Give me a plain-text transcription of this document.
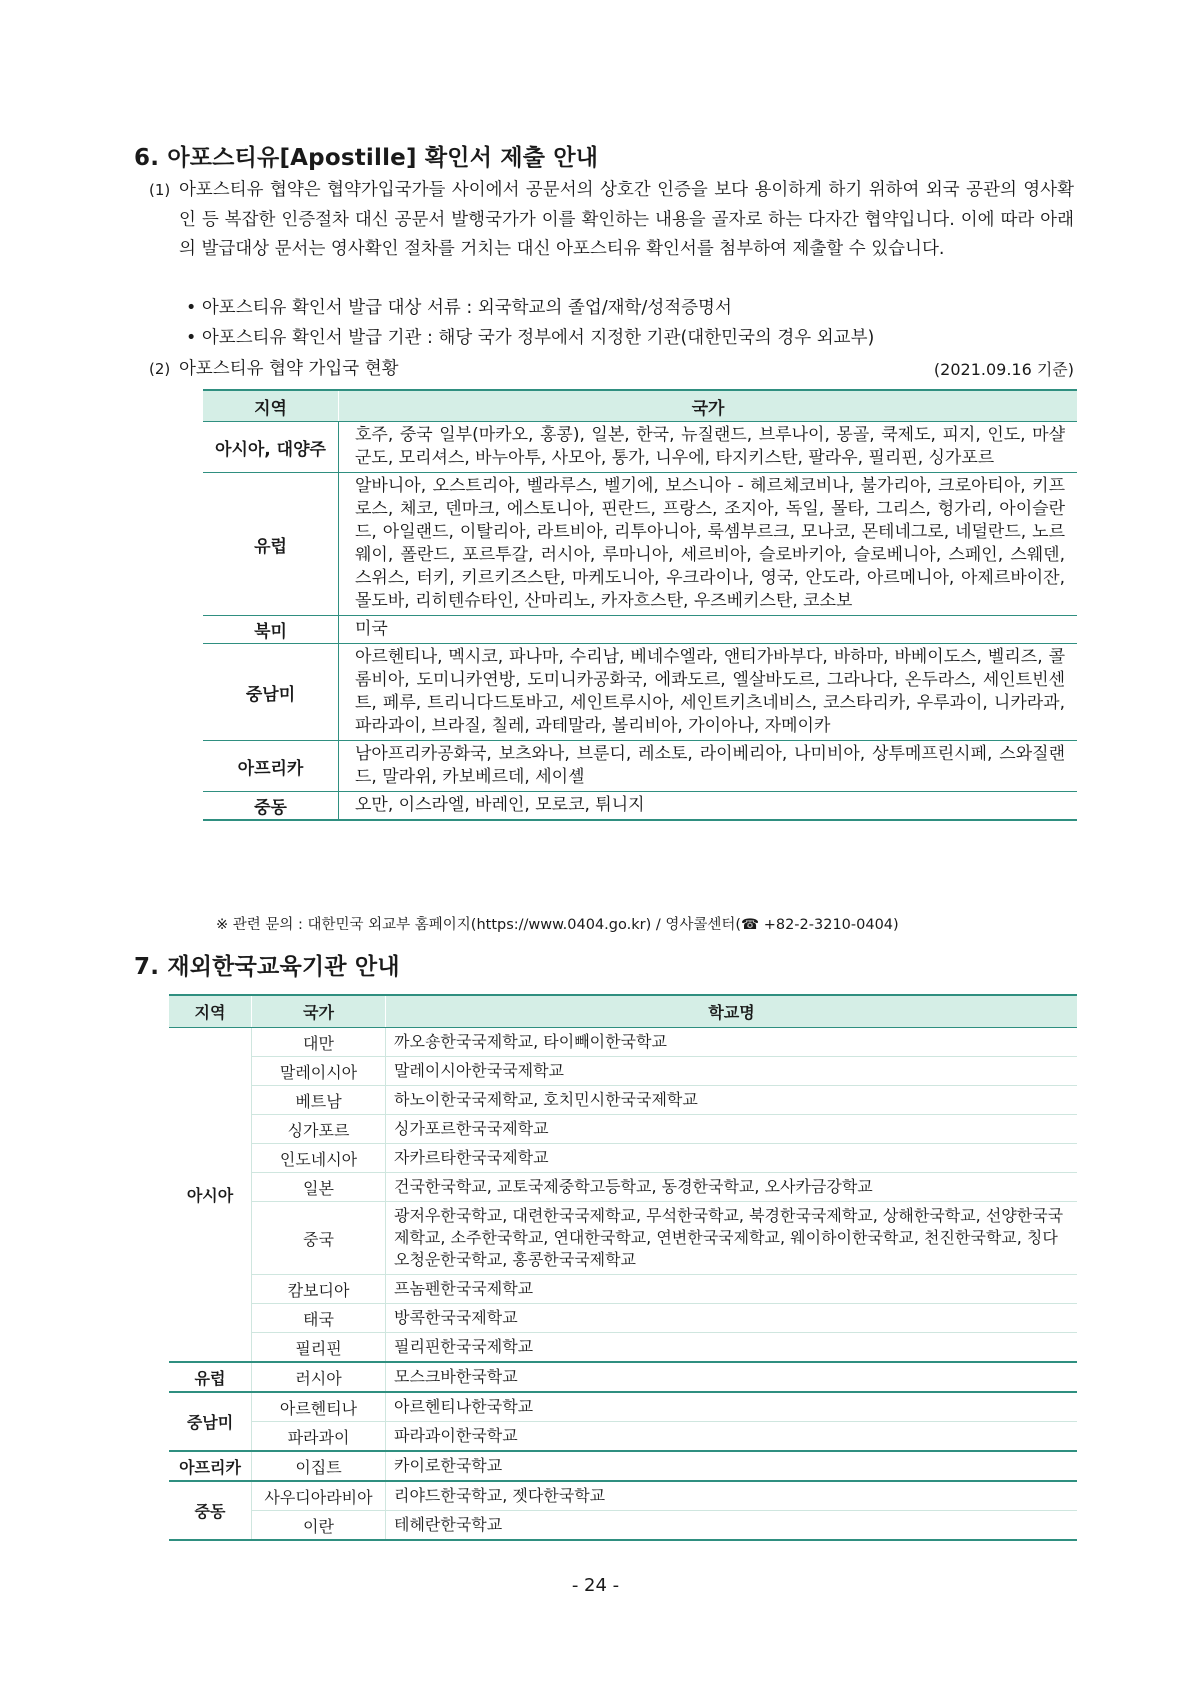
6. 아포스티유[Apostille] 확인서 제출 안내
(1) 아포스티유 협약은 협약가입국가들 사이에서 공문서의 상호간 인증을 보다 용이하게 하기 위하여 외국 공관의 영사확인 등 복잡한 인증절차 대신 공문서 발행국가가 이를 확인하는 내용을 골자로 하는 다자간 협약입니다. 이에 따라 아래의 발급대상 문서는 영사확인 절차를 거치는 대신 아포스티유 확인서를 첨부하여 제출할 수 있습니다.
• 아포스티유 확인서 발급 대상 서류 : 외국학교의 졸업/재학/성적증명서
• 아포스티유 확인서 발급 기관 : 해당 국가 정부에서 지정한 기관(대한민국의 경우 외교부)
(2) 아포스티유 협약 가입국 현황	(2021.09.16 기준)
지역	국가
아시아, 대양주	호주, 중국 일부(마카오, 홍콩), 일본, 한국, 뉴질랜드, 브루나이, 몽골, 쿡제도, 피지, 인도, 마샬군도, 모리셔스, 바누아투, 사모아, 통가, 니우에, 타지키스탄, 팔라우, 필리핀, 싱가포르
유럽	알바니아, 오스트리아, 벨라루스, 벨기에, 보스니아 - 헤르체코비나, 불가리아, 크로아티아, 키프로스, 체코, 덴마크, 에스토니아, 핀란드, 프랑스, 조지아, 독일, 몰타, 그리스, 헝가리, 아이슬란드, 아일랜드, 이탈리아, 라트비아, 리투아니아, 룩셈부르크, 모나코, 몬테네그로, 네덜란드, 노르웨이, 폴란드, 포르투갈, 러시아, 루마니아, 세르비아, 슬로바키아, 슬로베니아, 스페인, 스웨덴, 스위스, 터키, 키르키즈스탄, 마케도니아, 우크라이나, 영국, 안도라, 아르메니아, 아제르바이잔, 몰도바, 리히텐슈타인, 산마리노, 카자흐스탄, 우즈베키스탄, 코소보
북미	미국
중남미	아르헨티나, 멕시코, 파나마, 수리남, 베네수엘라, 앤티가바부다, 바하마, 바베이도스, 벨리즈, 콜롬비아, 도미니카연방, 도미니카공화국, 에콰도르, 엘살바도르, 그라나다, 온두라스, 세인트빈센트, 페루, 트리니다드토바고, 세인트루시아, 세인트키츠네비스, 코스타리카, 우루과이, 니카라과, 파라과이, 브라질, 칠레, 과테말라, 볼리비아, 가이아나, 자메이카
아프리카	남아프리카공화국, 보츠와나, 브룬디, 레소토, 라이베리아, 나미비아, 상투메프린시페, 스와질랜드, 말라위, 카보베르데, 세이셸
중동	오만, 이스라엘, 바레인, 모로코, 튀니지
※ 관련 문의 : 대한민국 외교부 홈페이지(https://www.0404.go.kr) / 영사콜센터(☎ +82-2-3210-0404)
7. 재외한국교육기관 안내
지역	국가	학교명
아시아	대만	까오숑한국국제학교, 타이빼이한국학교
	말레이시아	말레이시아한국국제학교
	베트남	하노이한국국제학교, 호치민시한국국제학교
	싱가포르	싱가포르한국국제학교
	인도네시아	자카르타한국국제학교
	일본	건국한국학교, 교토국제중학고등학교, 동경한국학교, 오사카금강학교
	중국	광저우한국학교, 대련한국국제학교, 무석한국학교, 북경한국국제학교, 상해한국학교, 선양한국국제학교, 소주한국학교, 연대한국학교, 연변한국국제학교, 웨이하이한국학교, 천진한국학교, 칭다오청운한국학교, 홍콩한국국제학교
	캄보디아	프놈펜한국국제학교
	태국	방콕한국국제학교
	필리핀	필리핀한국국제학교
유럽	러시아	모스크바한국학교
중남미	아르헨티나	아르헨티나한국학교
	파라과이	파라과이한국학교
아프리카	이집트	카이로한국학교
중동	사우디아라비아	리야드한국학교, 젯다한국학교
	이란	테헤란한국학교
- 24 -
